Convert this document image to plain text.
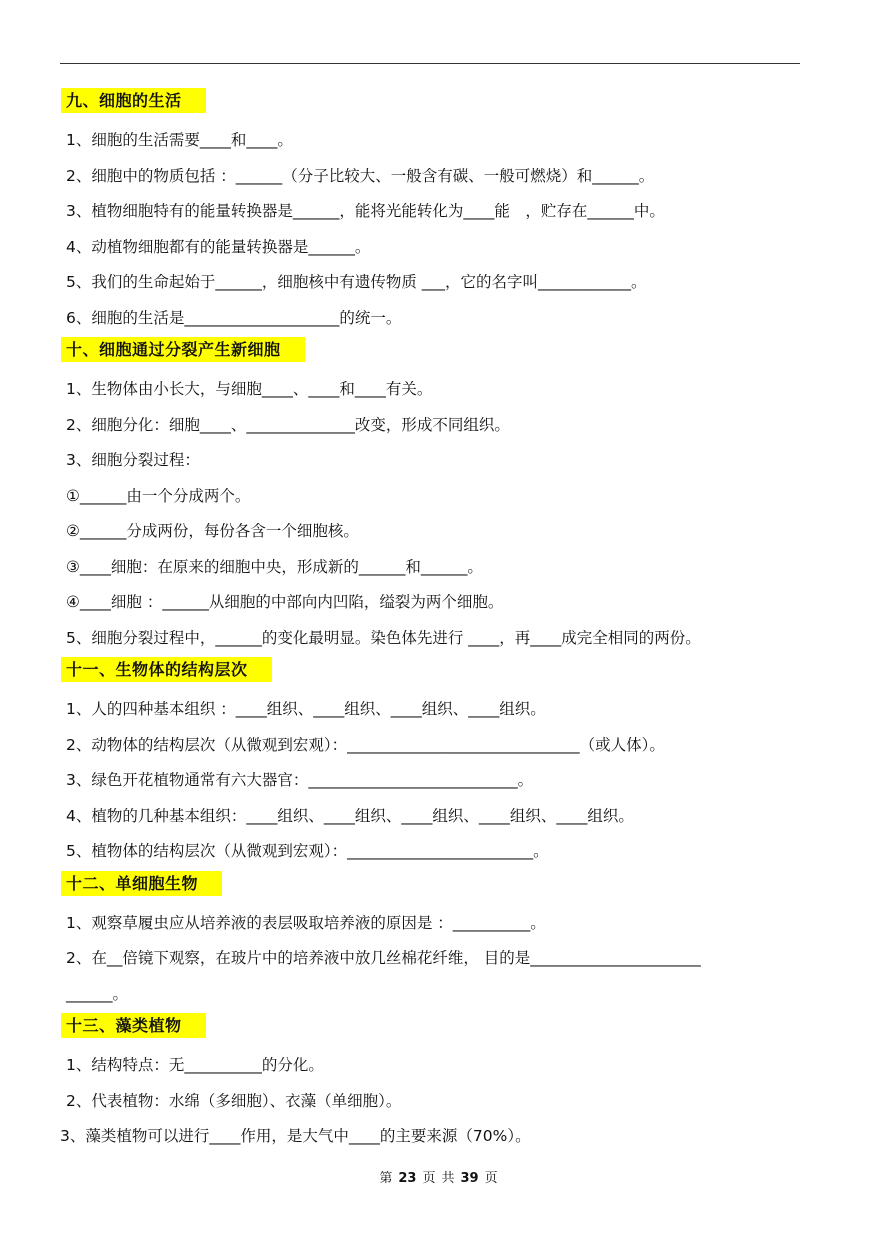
九、细胞的生活
1、细胞的生活需要____和____。
2、细胞中的物质包括 ：______（分子比较大、一般含有碳、一般可燃烧）和______。
3、植物细胞特有的能量转换器是______，能将光能转化为____能　，贮存在______中。
4、动植物细胞都有的能量转换器是______。
5、我们的生命起始于______，细胞核中有遗传物质 ___，它的名字叫____________。
6、细胞的生活是____________________的统一。
十、细胞通过分裂产生新细胞
1、生物体由小长大，与细胞____、____和____有关。
2、细胞分化：细胞____、______________改变，形成不同组织。
3、细胞分裂过程：
①______由一个分成两个。
②______分成两份，每份各含一个细胞核。
③____细胞：在原来的细胞中央，形成新的______和______。
④____细胞 ：______从细胞的中部向内凹陷，缢裂为两个细胞。
5、细胞分裂过程中，______的变化最明显。染色体先进行 ____，再____成完全相同的两份。
十一、生物体的结构层次
1、人的四种基本组织 ：____组织、____组织、____组织、____组织。
2、动物体的结构层次（从微观到宏观）：______________________________（或人体）。
3、绿色开花植物通常有六大器官：___________________________。
4、植物的几种基本组织：____组织、____组织、____组织、____组织、____组织。
5、植物体的结构层次（从微观到宏观）：________________________。
十二、单细胞生物
1、观察草履虫应从培养液的表层吸取培养液的原因是 ：__________。
2、在__倍镜下观察，在玻片中的培养液中放几丝棉花纤维， 目的是______________________
______。
十三、藻类植物
1、结构特点：无__________的分化。
2、代表植物：水绵（多细胞）、衣藻（单细胞）。
3、藻类植物可以进行____作用，是大气中____的主要来源（70%）。
第 23 页 共 39 页
